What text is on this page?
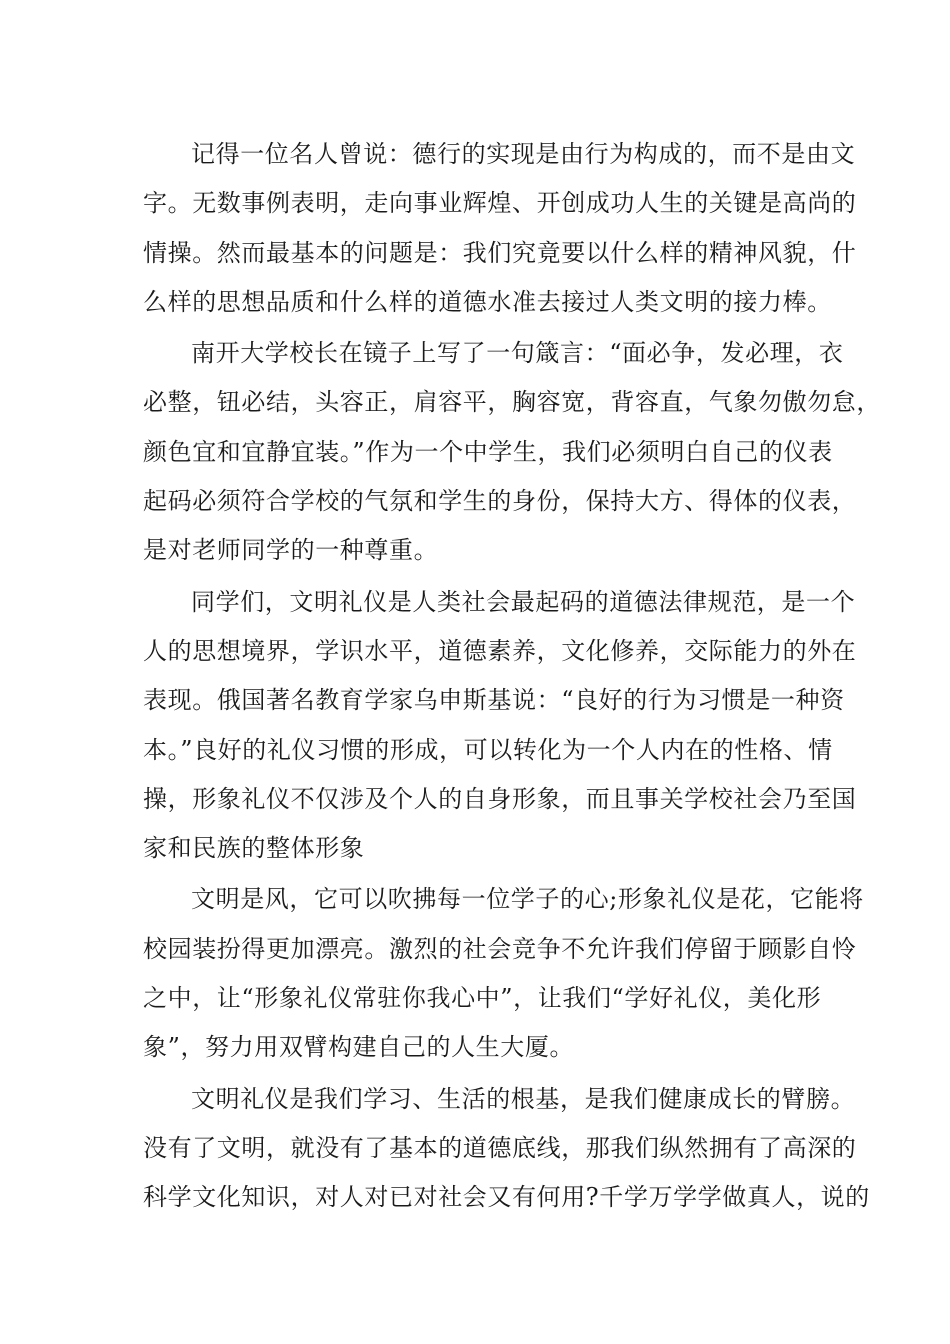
记得一位名人曾说：德行的实现是由行为构成的，而不是由文
字。无数事例表明，走向事业辉煌、开创成功人生的关键是高尚的
情操。然而最基本的问题是：我们究竟要以什么样的精神风貌，什
么样的思想品质和什么样的道德水准去接过人类文明的接力棒。

南开大学校长在镜子上写了一句箴言：“面必争，发必理，衣
必整，钮必结，头容正，肩容平，胸容宽，背容直，气象勿傲勿怠，
颜色宜和宜静宜装。”作为一个中学生，我们必须明白自己的仪表
起码必须符合学校的气氛和学生的身份，保持大方、得体的仪表，
是对老师同学的一种尊重。

同学们，文明礼仪是人类社会最起码的道德法律规范，是一个
人的思想境界，学识水平，道德素养，文化修养，交际能力的外在
表现。俄国著名教育学家乌申斯基说：“良好的行为习惯是一种资
本。”良好的礼仪习惯的形成，可以转化为一个人内在的性格、情
操，形象礼仪不仅涉及个人的自身形象，而且事关学校社会乃至国
家和民族的整体形象

文明是风，它可以吹拂每一位学子的心;形象礼仪是花，它能将
校园装扮得更加漂亮。激烈的社会竞争不允许我们停留于顾影自怜
之中，让“形象礼仪常驻你我心中”，让我们“学好礼仪，美化形
象”，努力用双臂构建自己的人生大厦。

文明礼仪是我们学习、生活的根基，是我们健康成长的臂膀。
没有了文明，就没有了基本的道德底线，那我们纵然拥有了高深的
科学文化知识，对人对已对社会又有何用?千学万学学做真人，说的
